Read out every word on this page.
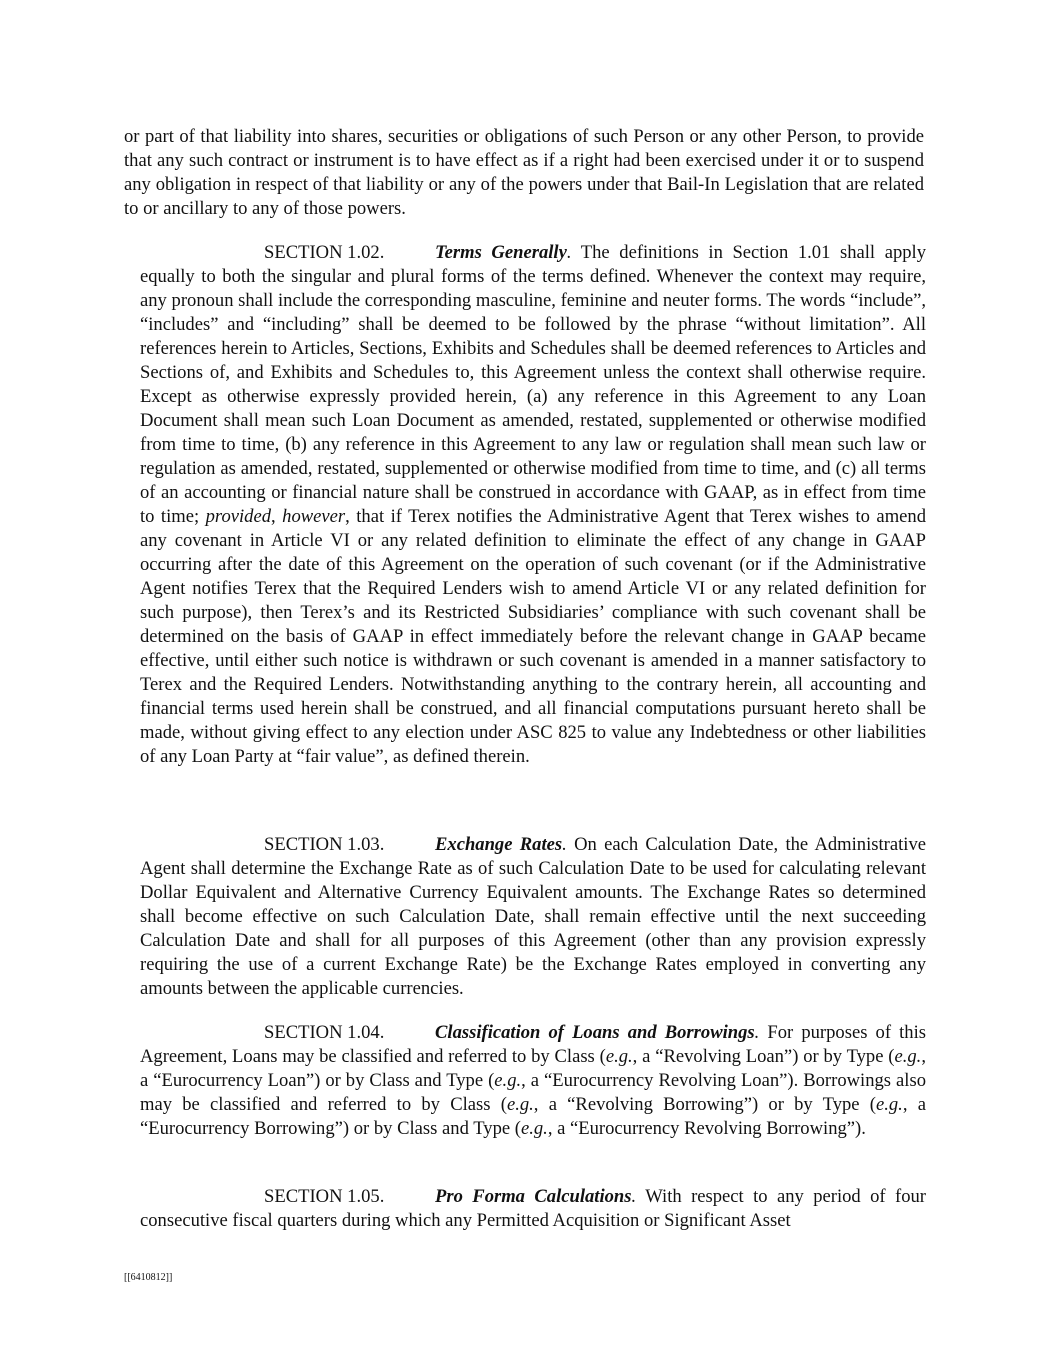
or part of that liability into shares, securities or obligations of such Person or any other Person, to provide that any such contract or instrument is to have effect as if a right had been exercised under it or to suspend any obligation in respect of that liability or any of the powers under that Bail-In Legislation that are related to or ancillary to any of those powers.

SECTION 1.02.	Terms Generally. The definitions in Section 1.01 shall apply equally to both the singular and plural forms of the terms defined. Whenever the context may require, any pronoun shall include the corresponding masculine, feminine and neuter forms. The words “include”, “includes” and “including” shall be deemed to be followed by the phrase “without limitation”. All references herein to Articles, Sections, Exhibits and Schedules shall be deemed references to Articles and Sections of, and Exhibits and Schedules to, this Agreement unless the context shall otherwise require. Except as otherwise expressly provided herein, (a) any reference in this Agreement to any Loan Document shall mean such Loan Document as amended, restated, supplemented or otherwise modified from time to time, (b) any reference in this Agreement to any law or regulation shall mean such law or regulation as amended, restated, supplemented or otherwise modified from time to time, and (c) all terms of an accounting or financial nature shall be construed in accordance with GAAP, as in effect from time to time; provided, however, that if Terex notifies the Administrative Agent that Terex wishes to amend any covenant in Article VI or any related definition to eliminate the effect of any change in GAAP occurring after the date of this Agreement on the operation of such covenant (or if the Administrative Agent notifies Terex that the Required Lenders wish to amend Article VI or any related definition for such purpose), then Terex’s and its Restricted Subsidiaries’ compliance with such covenant shall be determined on the basis of GAAP in effect immediately before the relevant change in GAAP became effective, until either such notice is withdrawn or such covenant is amended in a manner satisfactory to Terex and the Required Lenders. Notwithstanding anything to the contrary herein, all accounting and financial terms used herein shall be construed, and all financial computations pursuant hereto shall be made, without giving effect to any election under ASC 825 to value any Indebtedness or other liabilities of any Loan Party at “fair value”, as defined therein.

SECTION 1.03.	Exchange Rates. On each Calculation Date, the Administrative Agent shall determine the Exchange Rate as of such Calculation Date to be used for calculating relevant Dollar Equivalent and Alternative Currency Equivalent amounts. The Exchange Rates so determined shall become effective on such Calculation Date, shall remain effective until the next succeeding Calculation Date and shall for all purposes of this Agreement (other than any provision expressly requiring the use of a current Exchange Rate) be the Exchange Rates employed in converting any amounts between the applicable currencies.

SECTION 1.04.	Classification of Loans and Borrowings. For purposes of this Agreement, Loans may be classified and referred to by Class (e.g., a “Revolving Loan”) or by Type (e.g., a “Eurocurrency Loan”) or by Class and Type (e.g., a “Eurocurrency Revolving Loan”). Borrowings also may be classified and referred to by Class (e.g., a “Revolving Borrowing”) or by Type (e.g., a “Eurocurrency Borrowing”) or by Class and Type (e.g., a “Eurocurrency Revolving Borrowing”).

SECTION 1.05.	Pro Forma Calculations. With respect to any period of four consecutive fiscal quarters during which any Permitted Acquisition or Significant Asset

[[6410812]]
